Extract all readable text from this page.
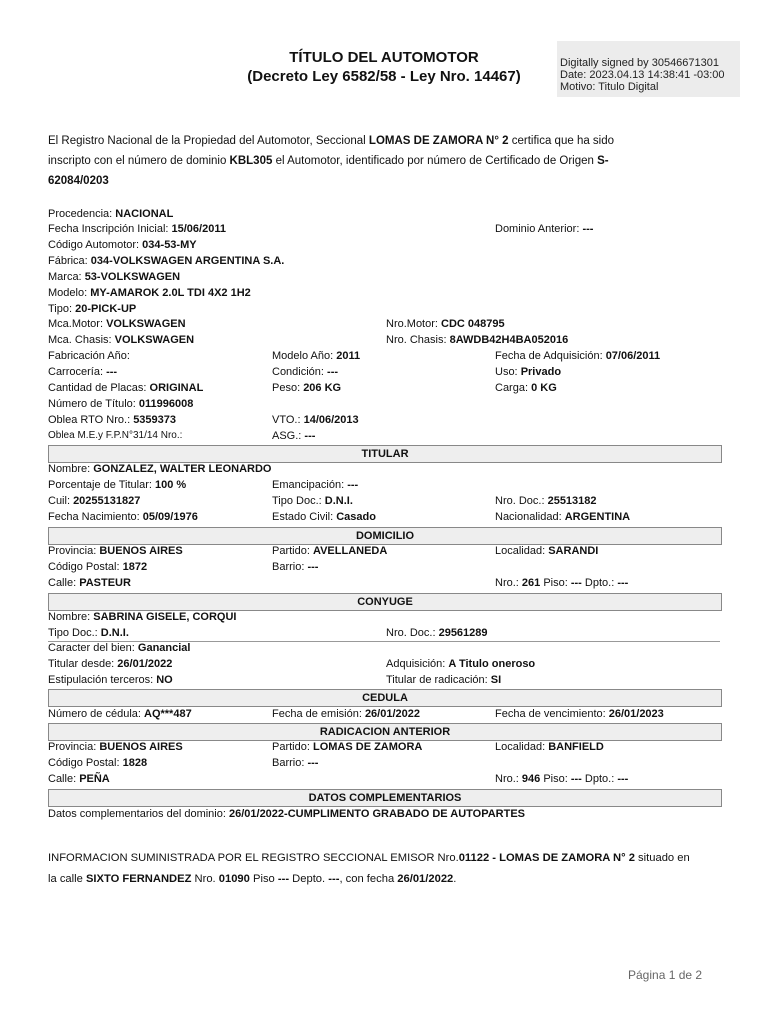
TÍTULO DEL AUTOMOTOR
(Decreto Ley 6582/58 - Ley Nro. 14467)
Digitally signed by 30546671301
Date: 2023.04.13 14:38:41 -03:00
Motivo: Titulo Digital
El Registro Nacional de la Propiedad del Automotor, Seccional LOMAS DE ZAMORA N° 2 certifica que ha sido
inscripto con el número de dominio KBL305 el Automotor, identificado por número de Certificado de Origen S-
62084/0203
Procedencia: NACIONAL
Fecha Inscripción Inicial: 15/06/2011	Dominio Anterior: ---
Código Automotor: 034-53-MY
Fábrica: 034-VOLKSWAGEN ARGENTINA S.A.
Marca: 53-VOLKSWAGEN
Modelo: MY-AMAROK 2.0L TDI 4X2 1H2
Tipo: 20-PICK-UP
Mca.Motor: VOLKSWAGEN	Nro.Motor: CDC 048795
Mca. Chasis: VOLKSWAGEN	Nro. Chasis: 8AWDB42H4BA052016
Fabricación Año:	Modelo Año: 2011	Fecha de Adquisición: 07/06/2011
Carrocería: ---	Condición: ---	Uso: Privado
Cantidad de Placas: ORIGINAL	Peso: 206 KG	Carga: 0 KG
Número de Título: 011996008
Oblea RTO Nro.: 5359373	VTO.: 14/06/2013
Oblea M.E.y F.P.N°31/14 Nro.:	ASG.: ---
TITULAR
Nombre: GONZALEZ, WALTER LEONARDO
Porcentaje de Titular: 100 %	Emancipación: ---
Cuil: 20255131827	Tipo Doc.: D.N.I.	Nro. Doc.: 25513182
Fecha Nacimiento: 05/09/1976	Estado Civil: Casado	Nacionalidad: ARGENTINA
DOMICILIO
Provincia: BUENOS AIRES	Partido: AVELLANEDA	Localidad: SARANDI
Código Postal: 1872	Barrio: ---
Calle: PASTEUR	Nro.: 261 Piso: --- Dpto.: ---
CONYUGE
Nombre: SABRINA GISELE, CORQUI
Tipo Doc.: D.N.I.	Nro. Doc.: 29561289
Caracter del bien: Ganancial
Titular desde: 26/01/2022	Adquisición: A Titulo oneroso
Estipulación terceros: NO	Titular de radicación: SI
CEDULA
Número de cédula: AQ***487	Fecha de emisión: 26/01/2022	Fecha de vencimiento: 26/01/2023
RADICACION ANTERIOR
Provincia: BUENOS AIRES	Partido: LOMAS DE ZAMORA	Localidad: BANFIELD
Código Postal: 1828	Barrio: ---
Calle: PEÑA	Nro.: 946 Piso: --- Dpto.: ---
DATOS COMPLEMENTARIOS
Datos complementarios del dominio: 26/01/2022-CUMPLIMENTO GRABADO DE AUTOPARTES
INFORMACION SUMINISTRADA POR EL REGISTRO SECCIONAL EMISOR Nro.01122 - LOMAS DE ZAMORA N° 2 situado en
la calle SIXTO FERNANDEZ Nro. 01090 Piso --- Depto. ---, con fecha 26/01/2022.
Página 1 de 2
